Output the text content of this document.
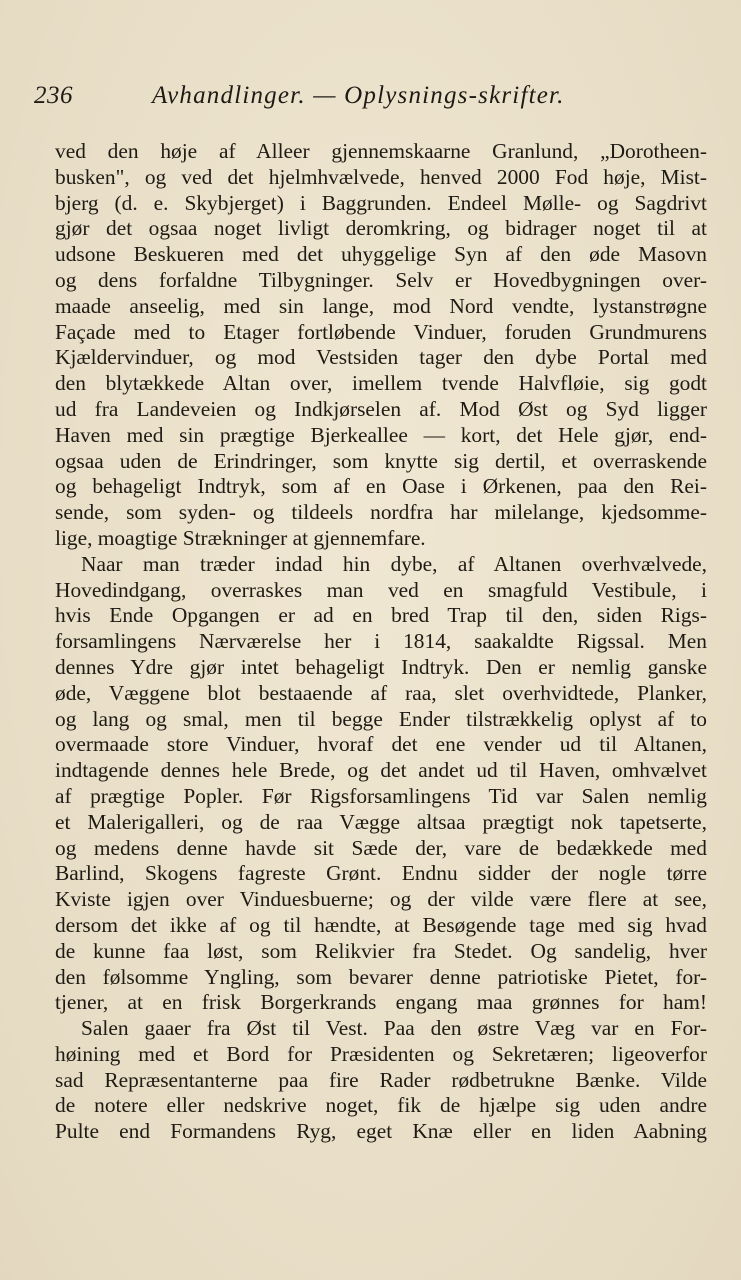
236	Avhandlinger. — Oplysnings-skrifter.
ved den høje af Alleer gjennemskaarne Granlund, „Dorotheen-
busken", og ved det hjelmhvælvede, henved 2000 Fod høje, Mist-
bjerg (d. e. Skybjerget) i Baggrunden. Endeel Mølle- og Sagdrivt
gjør det ogsaa noget livligt deromkring, og bidrager noget til at
udsone Beskueren med det uhyggelige Syn af den øde Masovn
og dens forfaldne Tilbygninger. Selv er Hovedbygningen over-
maade anseelig, med sin lange, mod Nord vendte, lystanstrøgne
Façade med to Etager fortløbende Vinduer, foruden Grundmurens
Kjældervinduer, og mod Vestsiden tager den dybe Portal med
den blytækkede Altan over, imellem tvende Halvfløie, sig godt
ud fra Landeveien og Indkjørselen af. Mod Øst og Syd ligger
Haven med sin prægtige Bjerkeallee — kort, det Hele gjør, end-
ogsaa uden de Erindringer, som knytte sig dertil, et overraskende
og behageligt Indtryk, som af en Oase i Ørkenen, paa den Rei-
sende, som syden- og tildeels nordfra har milelange, kjedsomme-
lige, moagtige Strækninger at gjennemfare.
Naar man træder indad hin dybe, af Altanen overhvælvede,
Hovedindgang, overraskes man ved en smagfuld Vestibule, i
hvis Ende Opgangen er ad en bred Trap til den, siden Rigs-
forsamlingens Nærværelse her i 1814, saakaldte Rigssal. Men
dennes Ydre gjør intet behageligt Indtryk. Den er nemlig ganske
øde, Væggene blot bestaaende af raa, slet overhvidtede, Planker,
og lang og smal, men til begge Ender tilstrækkelig oplyst af to
overmaade store Vinduer, hvoraf det ene vender ud til Altanen,
indtagende dennes hele Brede, og det andet ud til Haven, omhvælvet
af prægtige Popler. Før Rigsforsamlingens Tid var Salen nemlig
et Malerigalleri, og de raa Vægge altsaa prægtigt nok tapetserte,
og medens denne havde sit Sæde der, vare de bedækkede med
Barlind, Skogens fagreste Grønt. Endnu sidder der nogle tørre
Kviste igjen over Vinduesbuerne; og der vilde være flere at see,
dersom det ikke af og til hændte, at Besøgende tage med sig hvad
de kunne faa løst, som Relikvier fra Stedet. Og sandelig, hver
den følsomme Yngling, som bevarer denne patriotiske Pietet, for-
tjener, at en frisk Borgerkrands engang maa grønnes for ham!
Salen gaaer fra Øst til Vest. Paa den østre Væg var en For-
høining med et Bord for Præsidenten og Sekretæren; ligeoverfor
sad Repræsentanterne paa fire Rader rødbetrukne Bænke. Vilde
de notere eller nedskrive noget, fik de hjælpe sig uden andre
Pulte end Formandens Ryg, eget Knæ eller en liden Aabning
